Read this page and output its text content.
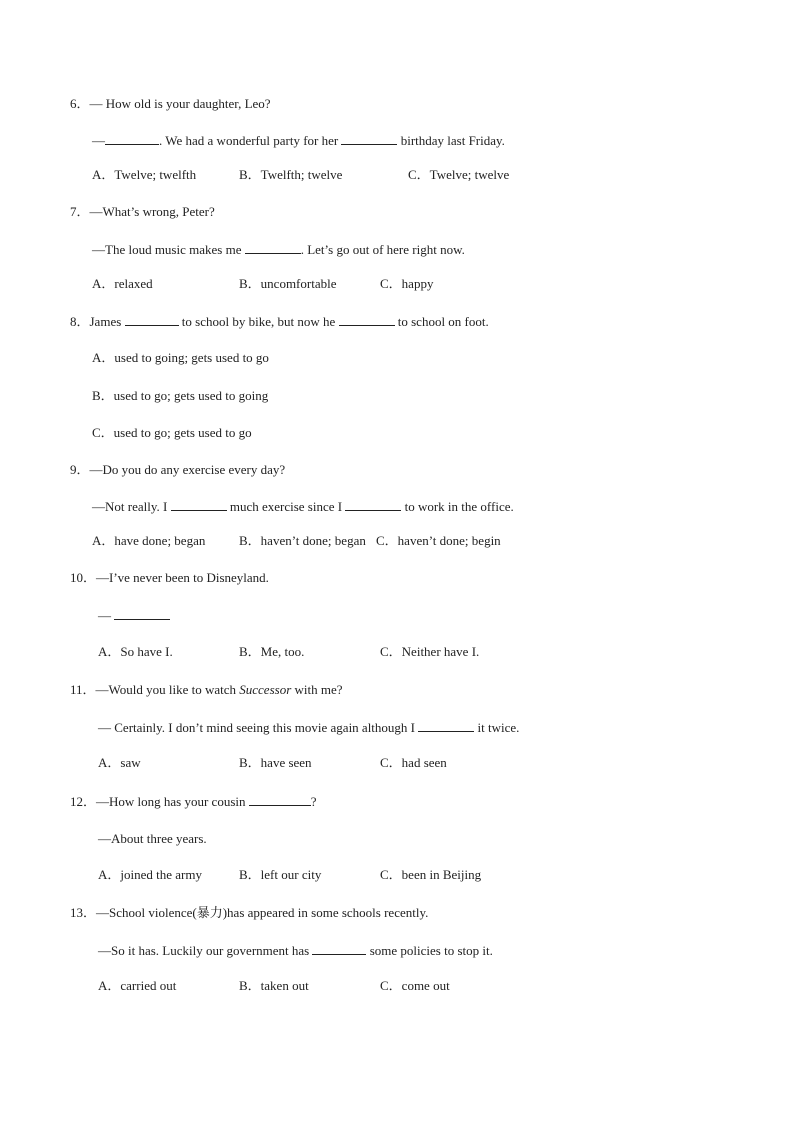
6．— How old is your daughter, Leo?
—	. We had a wonderful party for her	birthday last Friday.
A．Twelve; twelfth	B．Twelfth; twelve	C．Twelve; twelve
7．—What’s wrong, Peter?
—The loud music makes me	. Let’s go out of here right now.
A．relaxed	B．uncomfortable	C．happy
8．James	to school by bike, but now he	to school on foot.
A．used to going; gets used to go
B．used to go; gets used to going
C．used to go; gets used to go
9．—Do you do any exercise every day?
—Not really. I	much exercise since I	to work in the office.
A．have done; began	B．haven’t done; began C．haven’t done; begin
10．—I’ve never been to Disneyland.
—
A．So have I.	B．Me, too.	C．Neither have I.
11．—Would you like to watch Successor with me?
— Certainly. I don’t mind seeing this movie again although I	it twice.
A．saw	B．have seen	C．had seen
12．—How long has your cousin	?
—About three years.
A．joined the army	B．left our city	C．been in Beijing
13．—School violence(暴力)has appeared in some schools recently.
—So it has. Luckily our government has	some policies to stop it.
A．carried out	B．taken out	C．come out
